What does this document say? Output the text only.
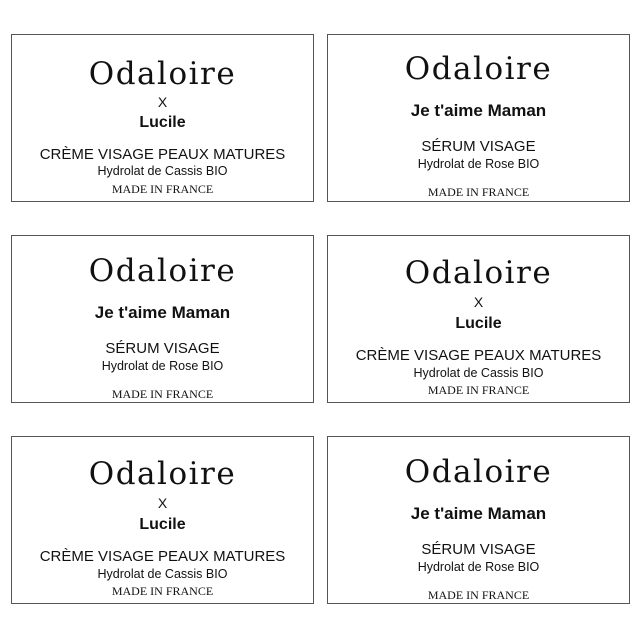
Odaloire
X
Lucile
CRÈME VISAGE PEAUX MATURES
Hydrolat de Cassis BIO
MADE IN FRANCE
Odaloire
Je t'aime Maman
SÉRUM VISAGE
Hydrolat de Rose BIO
MADE IN FRANCE
Odaloire
Je t'aime Maman
SÉRUM VISAGE
Hydrolat de Rose BIO
MADE IN FRANCE
Odaloire
X
Lucile
CRÈME VISAGE PEAUX MATURES
Hydrolat de Cassis BIO
MADE IN FRANCE
Odaloire
X
Lucile
CRÈME VISAGE PEAUX MATURES
Hydrolat de Cassis BIO
MADE IN FRANCE
Odaloire
Je t'aime Maman
SÉRUM VISAGE
Hydrolat de Rose BIO
MADE IN FRANCE
